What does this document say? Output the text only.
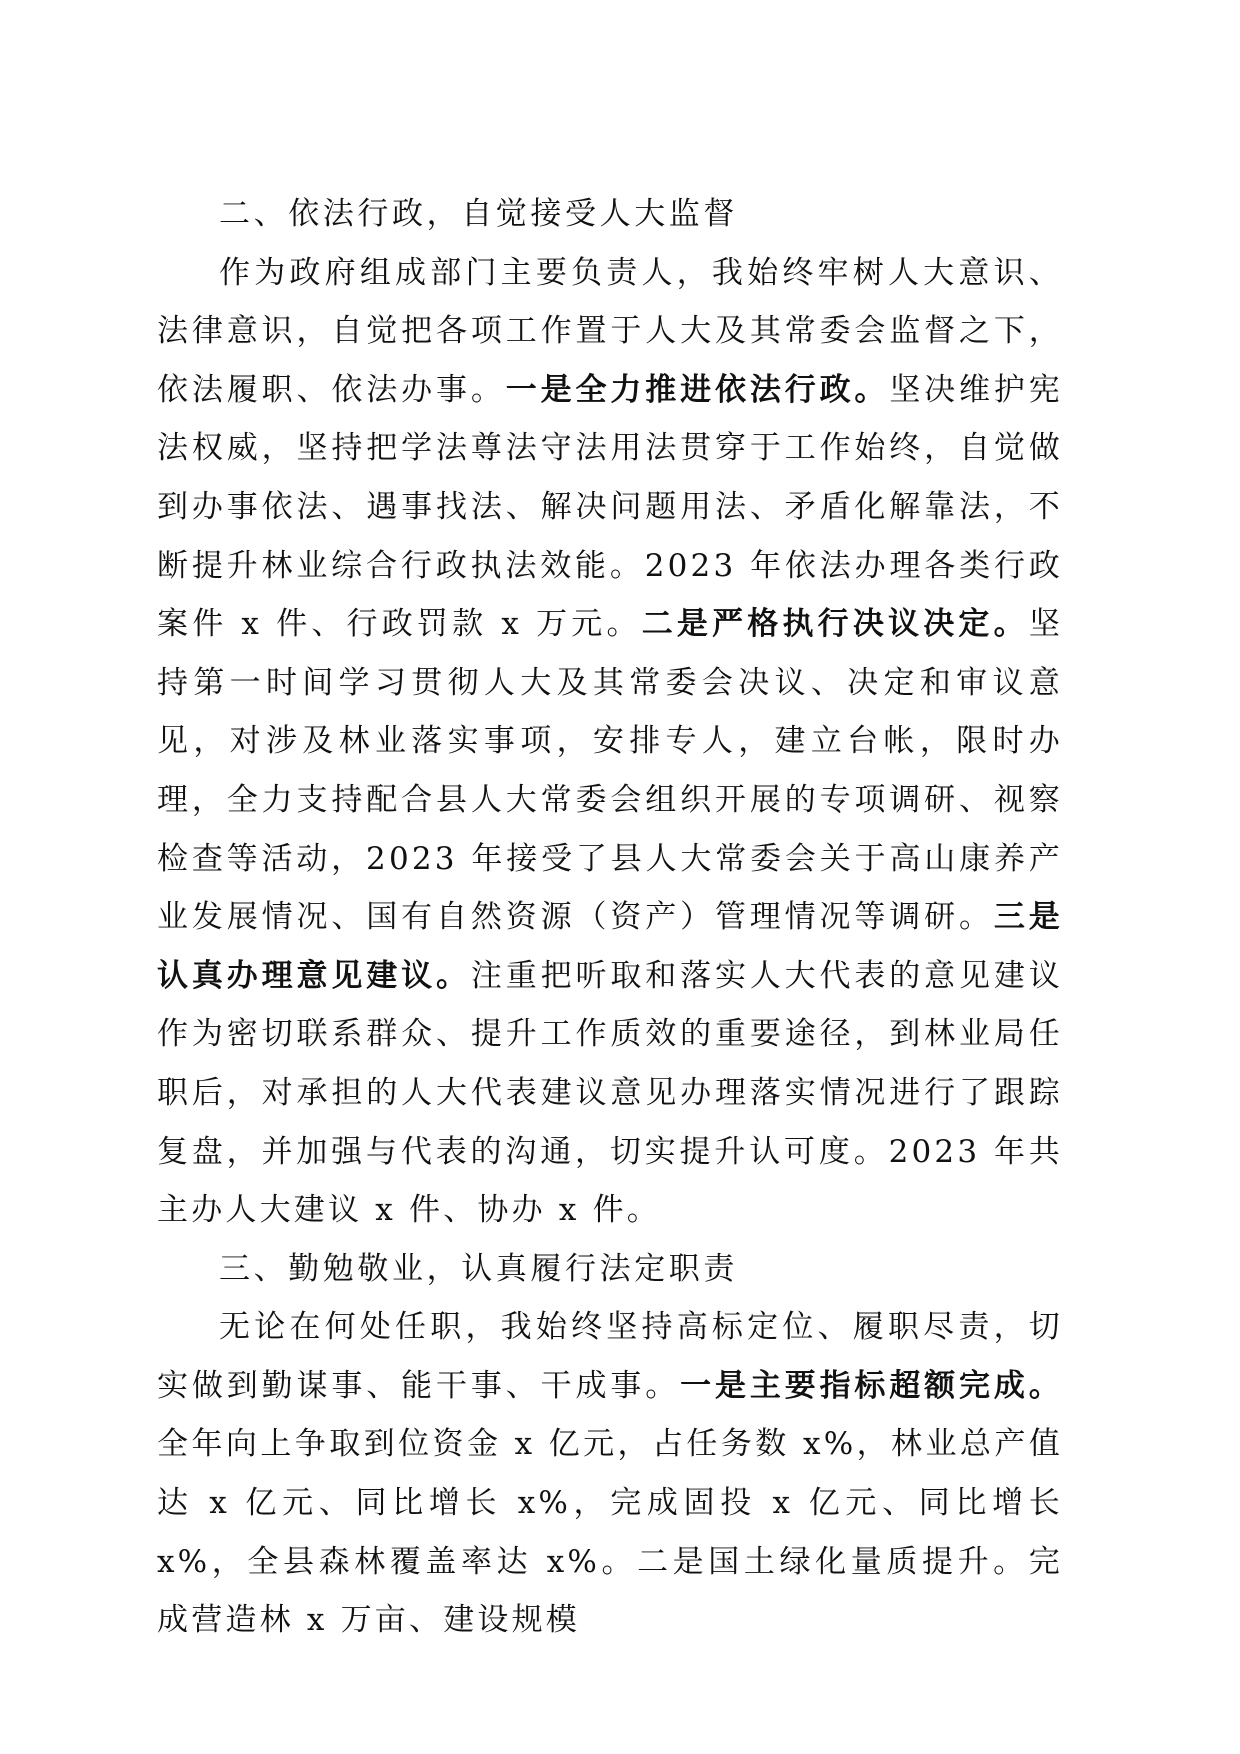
二、依法行政，自觉接受人大监督

作为政府组成部门主要负责人，我始终牢树人大意识、法律意识，自觉把各项工作置于人大及其常委会监督之下，依法履职、依法办事。一是全力推进依法行政。坚决维护宪法权威，坚持把学法尊法守法用法贯穿于工作始终，自觉做到办事依法、遇事找法、解决问题用法、矛盾化解靠法，不断提升林业综合行政执法效能。2023 年依法办理各类行政案件 x 件、行政罚款 x 万元。二是严格执行决议决定。坚持第一时间学习贯彻人大及其常委会决议、决定和审议意见，对涉及林业落实事项，安排专人，建立台帐，限时办理，全力支持配合县人大常委会组织开展的专项调研、视察检查等活动，2023 年接受了县人大常委会关于高山康养产业发展情况、国有自然资源（资产）管理情况等调研。三是认真办理意见建议。注重把听取和落实人大代表的意见建议作为密切联系群众、提升工作质效的重要途径，到林业局任职后，对承担的人大代表建议意见办理落实情况进行了跟踪复盘，并加强与代表的沟通，切实提升认可度。2023 年共主办人大建议 x 件、协办 x 件。

三、勤勉敬业，认真履行法定职责

无论在何处任职，我始终坚持高标定位、履职尽责，切实做到勤谋事、能干事、干成事。一是主要指标超额完成。全年向上争取到位资金 x 亿元，占任务数 x%，林业总产值达 x 亿元、同比增长 x%，完成固投 x 亿元、同比增长 x%，全县森林覆盖率达 x%。二是国土绿化量质提升。完成营造林 x 万亩、建设规模
